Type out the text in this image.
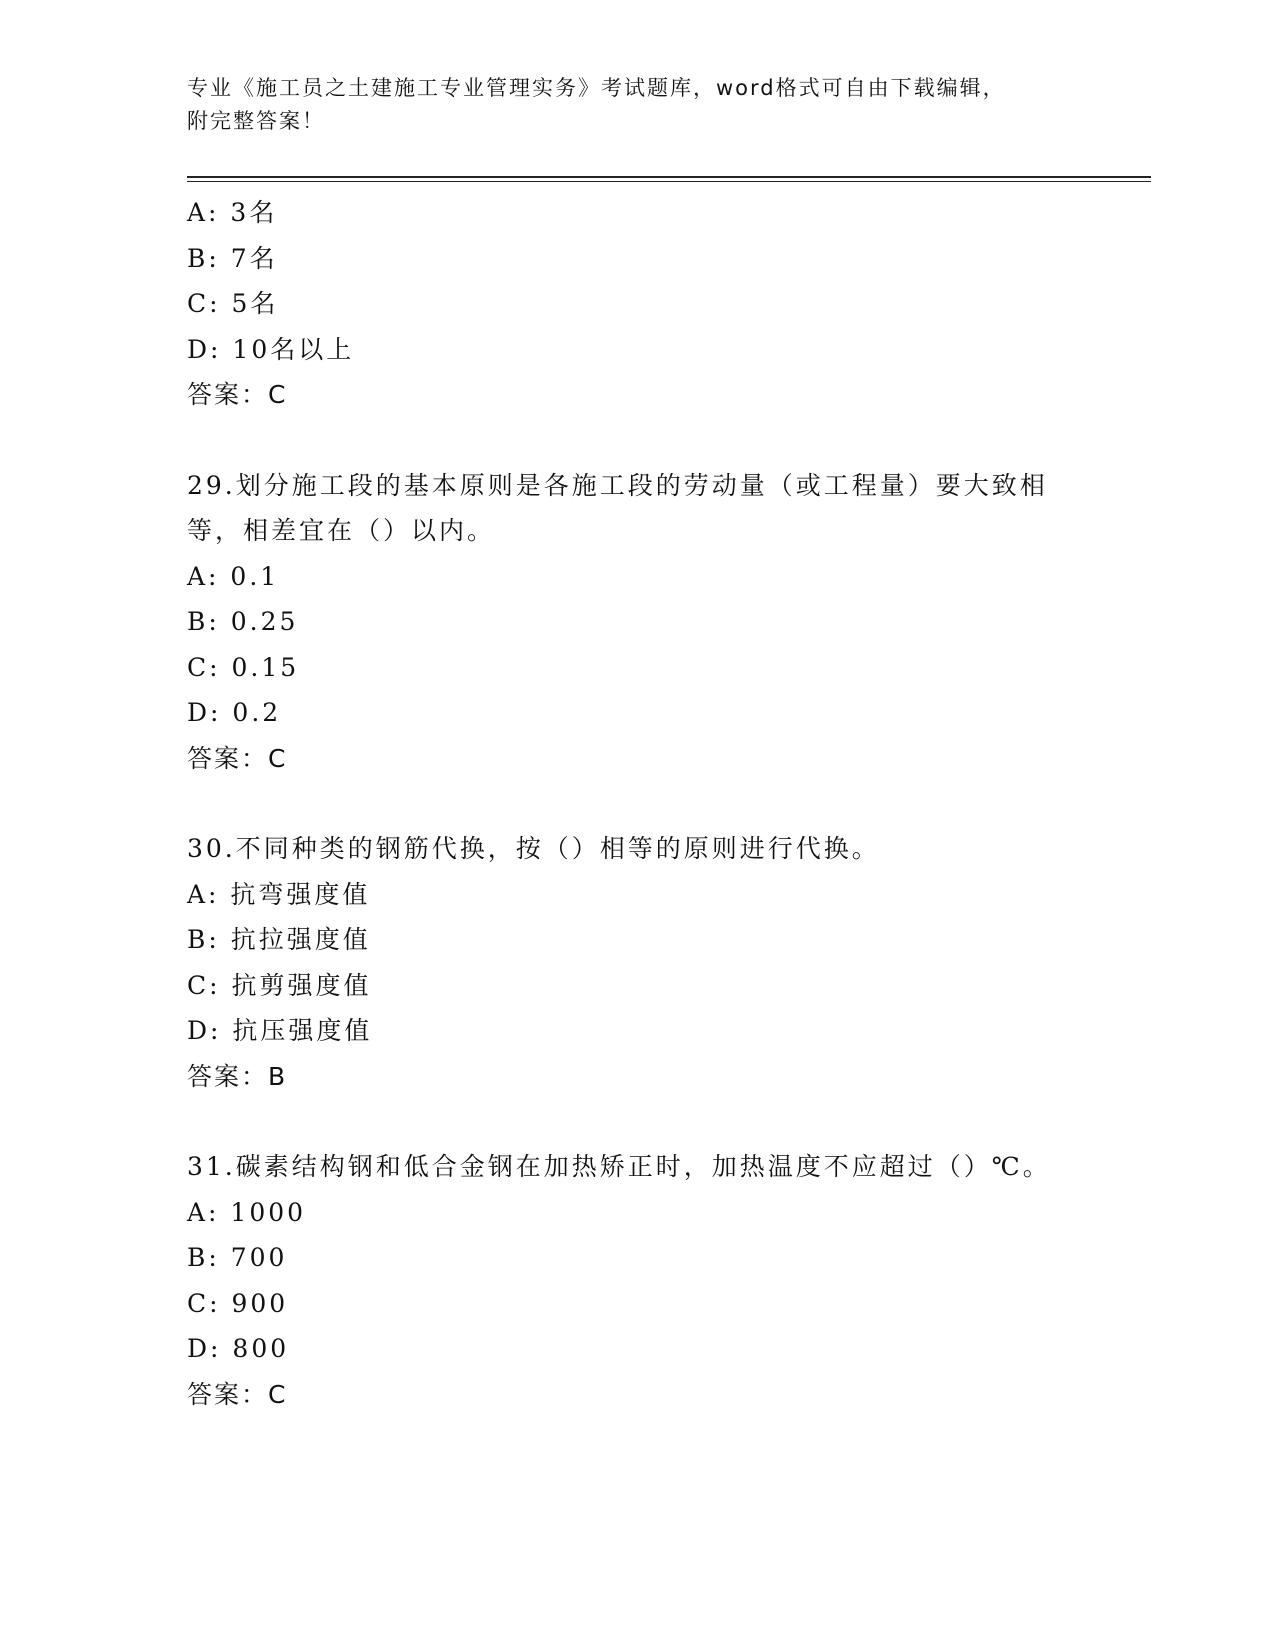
专业《施工员之土建施工专业管理实务》考试题库，word格式可自由下载编辑，
附完整答案！
A: 3名
B: 7名
C: 5名
D: 10名以上
答案：C
29.划分施工段的基本原则是各施工段的劳动量（或工程量）要大致相
等，相差宜在（）以内。
A: 0.1
B: 0.25
C: 0.15
D: 0.2
答案：C
30.不同种类的钢筋代换，按（）相等的原则进行代换。
A: 抗弯强度值
B: 抗拉强度值
C: 抗剪强度值
D: 抗压强度值
答案：B
31.碳素结构钢和低合金钢在加热矫正时，加热温度不应超过（）℃。
A: 1000
B: 700
C: 900
D: 800
答案：C
